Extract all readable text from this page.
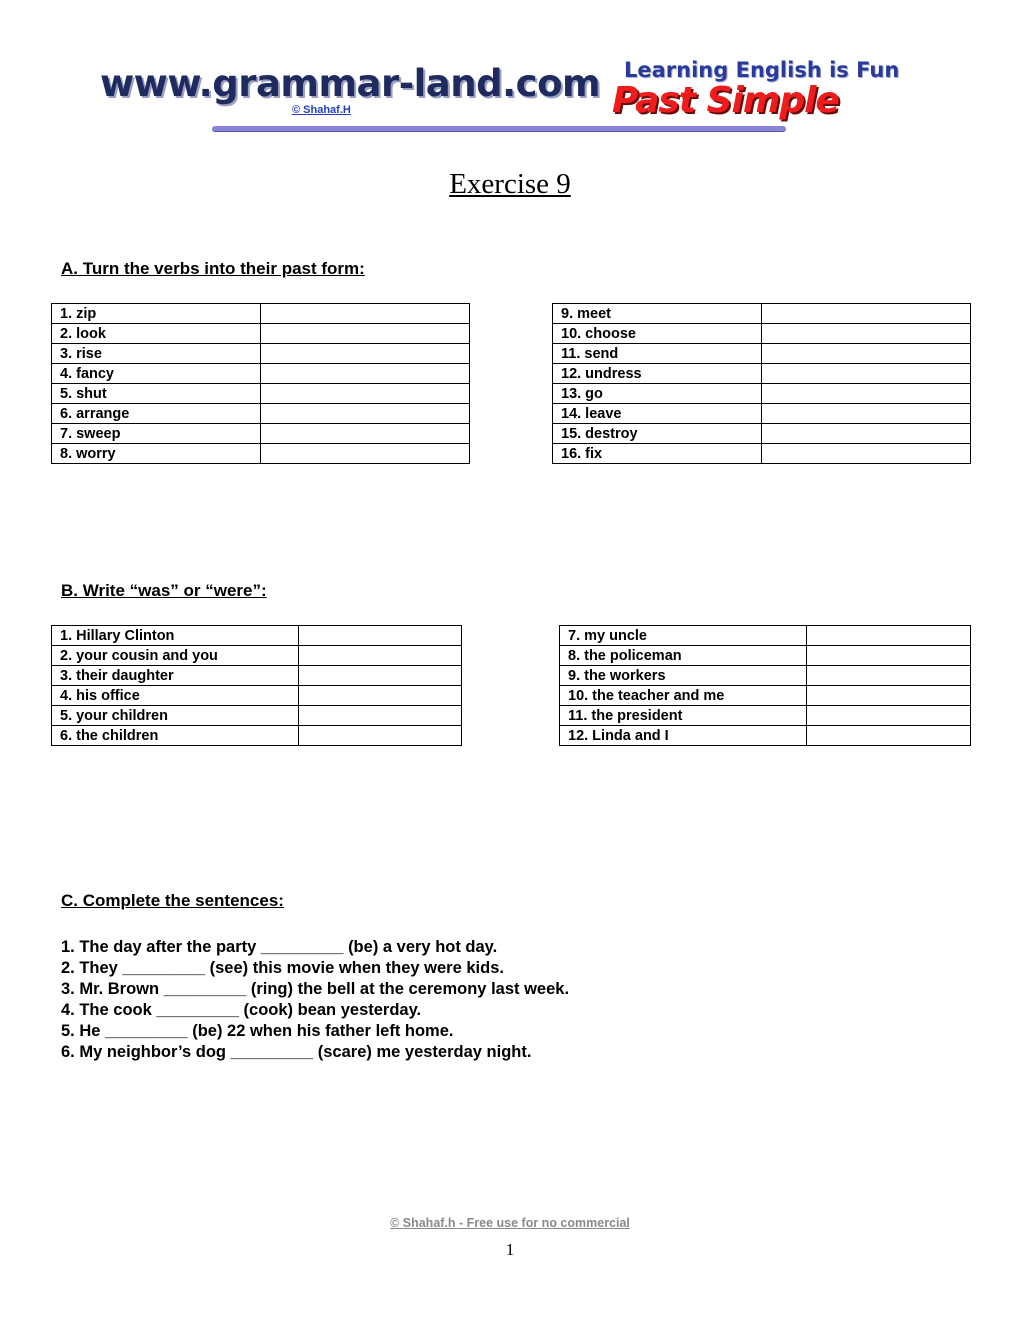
www.grammar-land.com
© Shahaf.H
Learning English is Fun
Past Simple
Exercise 9
A. Turn the verbs into their past form:
1. zip	
2. look	
3. rise	
4. fancy	
5. shut	
6. arrange	
7. sweep	
8. worry	
9. meet	
10. choose	
11. send	
12. undress	
13. go	
14. leave	
15. destroy	
16. fix	
B. Write “was” or “were”:
1. Hillary Clinton	
2. your cousin and you	
3. their daughter	
4. his office	
5. your children	
6. the children	
7. my uncle	
8. the policeman	
9. the workers	
10. the teacher and me	
11. the president	
12. Linda and I	
C. Complete the sentences:
1. The day after the party _________ (be) a very hot day.
2. They _________ (see) this movie when they were kids.
3. Mr. Brown _________ (ring) the bell at the ceremony last week.
4. The cook _________ (cook) bean yesterday.
5. He _________ (be) 22 when his father left home.
6. My neighbor’s dog _________ (scare) me yesterday night.
© Shahaf.h - Free use for no commercial
1
